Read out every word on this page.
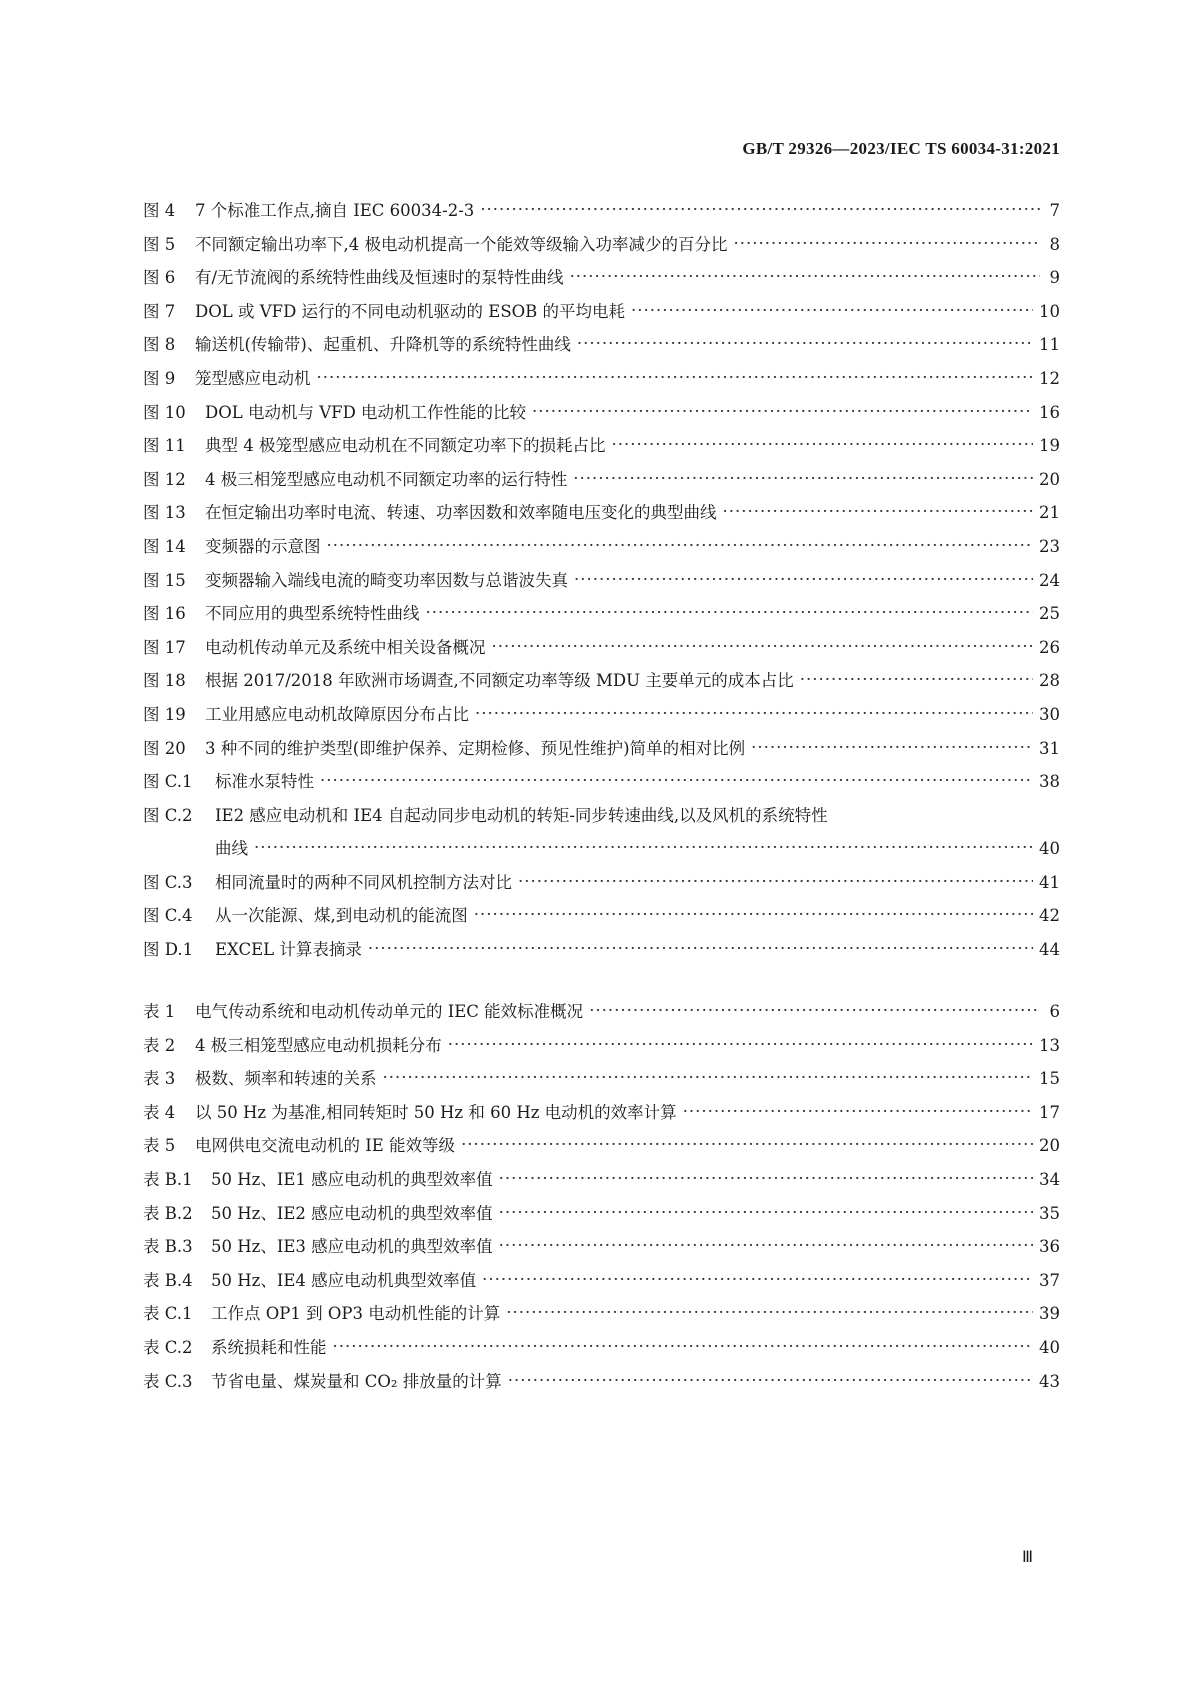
GB/T 29326—2023/IEC TS 60034-31:2021
图 4	7 个标准工作点,摘自 IEC 60034-2-3 ·····	7
图 5	不同额定输出功率下,4 极电动机提高一个能效等级输入功率减少的百分比 ·····	8
图 6	有/无节流阀的系统特性曲线及恒速时的泵特性曲线 ·····	9
图 7	DOL 或 VFD 运行的不同电动机驱动的 ESOB 的平均电耗 ·····	10
图 8	输送机(传输带)、起重机、升降机等的系统特性曲线 ·····	11
图 9	笼型感应电动机 ·····	12
图 10	DOL 电动机与 VFD 电动机工作性能的比较 ·····	16
图 11	典型 4 极笼型感应电动机在不同额定功率下的损耗占比 ·····	19
图 12	4 极三相笼型感应电动机不同额定功率的运行特性 ·····	20
图 13	在恒定输出功率时电流、转速、功率因数和效率随电压变化的典型曲线 ·····	21
图 14	变频器的示意图 ·····	23
图 15	变频器输入端线电流的畸变功率因数与总谐波失真 ·····	24
图 16	不同应用的典型系统特性曲线 ·····	25
图 17	电动机传动单元及系统中相关设备概况 ·····	26
图 18	根据 2017/2018 年欧洲市场调查,不同额定功率等级 MDU 主要单元的成本占比 ·····	28
图 19	工业用感应电动机故障原因分布占比 ·····	30
图 20	3 种不同的维护类型(即维护保养、定期检修、预见性维护)简单的相对比例 ·····	31
图 C.1	标准水泵特性 ·····	38
图 C.2	IE2 感应电动机和 IE4 自起动同步电动机的转矩-同步转速曲线,以及风机的系统特性
曲线 ·····	40
图 C.3	相同流量时的两种不同风机控制方法对比 ·····	41
图 C.4	从一次能源、煤,到电动机的能流图 ·····	42
图 D.1	EXCEL 计算表摘录 ·····	44
表 1	电气传动系统和电动机传动单元的 IEC 能效标准概况 ·····	6
表 2	4 极三相笼型感应电动机损耗分布 ·····	13
表 3	极数、频率和转速的关系 ·····	15
表 4	以 50 Hz 为基准,相同转矩时 50 Hz 和 60 Hz 电动机的效率计算 ·····	17
表 5	电网供电交流电动机的 IE 能效等级 ·····	20
表 B.1	50 Hz、IE1 感应电动机的典型效率值 ·····	34
表 B.2	50 Hz、IE2 感应电动机的典型效率值 ·····	35
表 B.3	50 Hz、IE3 感应电动机的典型效率值 ·····	36
表 B.4	50 Hz、IE4 感应电动机典型效率值 ·····	37
表 C.1	工作点 OP1 到 OP3 电动机性能的计算 ·····	39
表 C.2	系统损耗和性能 ·····	40
表 C.3	节省电量、煤炭量和 CO₂ 排放量的计算 ·····	43
Ⅲ
